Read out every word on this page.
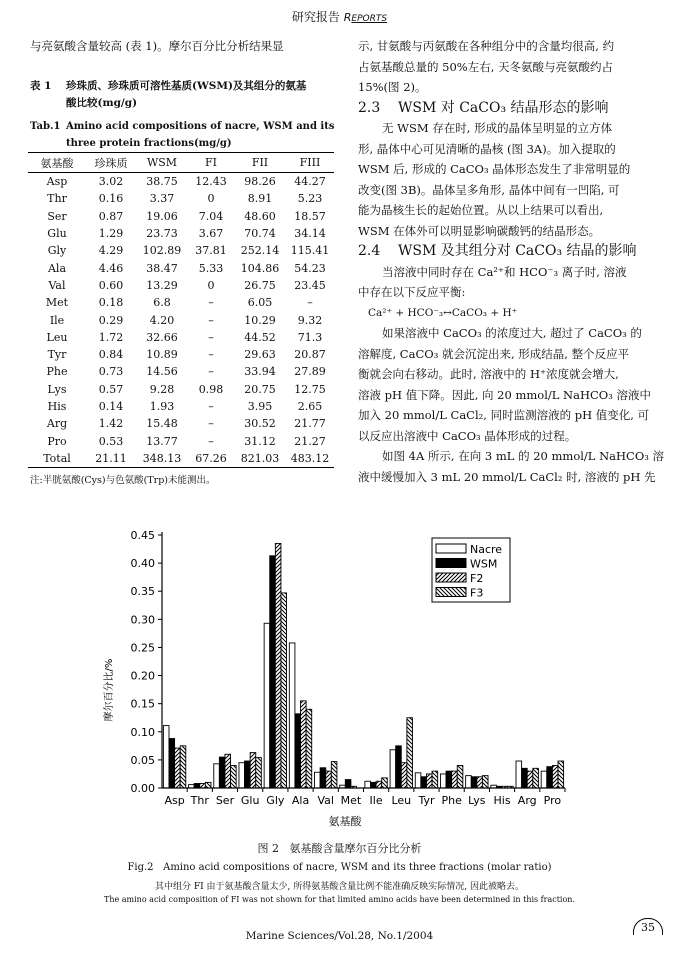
研究报告 REPORTS
与亮氨酸含量较高 (表 1)。摩尔百分比分析结果显
表 1 珍珠质、珍珠质可溶性基质(WSM)及其组分的氨基
酸比较(mg/g)
Tab.1 Amino acid compositions of nacre, WSM and its
three protein fractions(mg/g)
氨基酸	珍珠质	WSM	FI	FII	FIII
Asp	3.02	38.75	12.43	98.26	44.27
Thr	0.16	3.37	0	8.91	5.23
Ser	0.87	19.06	7.04	48.60	18.57
Glu	1.29	23.73	3.67	70.74	34.14
Gly	4.29	102.89	37.81	252.14	115.41
Ala	4.46	38.47	5.33	104.86	54.23
Val	0.60	13.29	0	26.75	23.45
Met	0.18	6.8	–	6.05	–
Ile	0.29	4.20	–	10.29	9.32
Leu	1.72	32.66	–	44.52	71.3
Tyr	0.84	10.89	–	29.63	20.87
Phe	0.73	14.56	–	33.94	27.89
Lys	0.57	9.28	0.98	20.75	12.75
His	0.14	1.93	–	3.95	2.65
Arg	1.42	15.48	–	30.52	21.77
Pro	0.53	13.77	–	31.12	21.27
Total	21.11	348.13	67.26	821.03	483.12
注:半胱氨酸(Cys)与色氨酸(Trp)未能测出。
示, 甘氨酸与丙氨酸在各种组分中的含量均很高, 约
占氨基酸总量的 50%左右, 天冬氨酸与亮氨酸约占
15%(图 2)。
2.3 WSM 对 CaCO₃ 结晶形态的影响
无 WSM 存在时, 形成的晶体呈明显的立方体
形, 晶体中心可见清晰的晶核 (图 3A)。加入提取的
WSM 后, 形成的 CaCO₃ 晶体形态发生了非常明显的
改变(图 3B)。晶体呈多角形, 晶体中间有一凹陷, 可
能为晶核生长的起始位置。从以上结果可以看出,
WSM 在体外可以明显影响碳酸钙的结晶形态。
2.4 WSM 及其组分对 CaCO₃ 结晶的影响
当溶液中同时存在 Ca²⁺和 HCO⁻₃ 离子时, 溶液
中存在以下反应平衡:
Ca²⁺ + HCO⁻₃↔CaCO₃ + H⁺
如果溶液中 CaCO₃ 的浓度过大, 超过了 CaCO₃ 的
溶解度, CaCO₃ 就会沉淀出来, 形成结晶, 整个反应平
衡就会向右移动。此时, 溶液中的 H⁺浓度就会增大,
溶液 pH 值下降。因此, 向 20 mmol/L NaHCO₃ 溶液中
加入 20 mmol/L CaCl₂, 同时监测溶液的 pH 值变化, 可
以反应出溶液中 CaCO₃ 晶体形成的过程。
如图 4A 所示, 在向 3 mL 的 20 mmol/L NaHCO₃ 溶
液中缓慢加入 3 mL 20 mmol/L CaCl₂ 时, 溶液的 pH 先
0.00
0.05
0.10
0.15
0.20
0.25
0.30
0.35
0.40
0.45
Asp Thr Ser Glu Gly Ala Val Met Ile Leu Tyr Phe Lys His Arg Pro
摩尔百分比/%
氨基酸
Nacre
WSM
F2
F3
图 2 氨基酸含量摩尔百分比分析
Fig.2 Amino acid compositions of nacre, WSM and its three fractions (molar ratio)
其中组分 FI 由于氨基酸含量太少, 所得氨基酸含量比例不能准确反映实际情况, 因此被略去。
The amino acid composition of FI was not shown for that limited amino acids have been determined in this fraction.
Marine Sciences/Vol.28, No.1/2004
35
